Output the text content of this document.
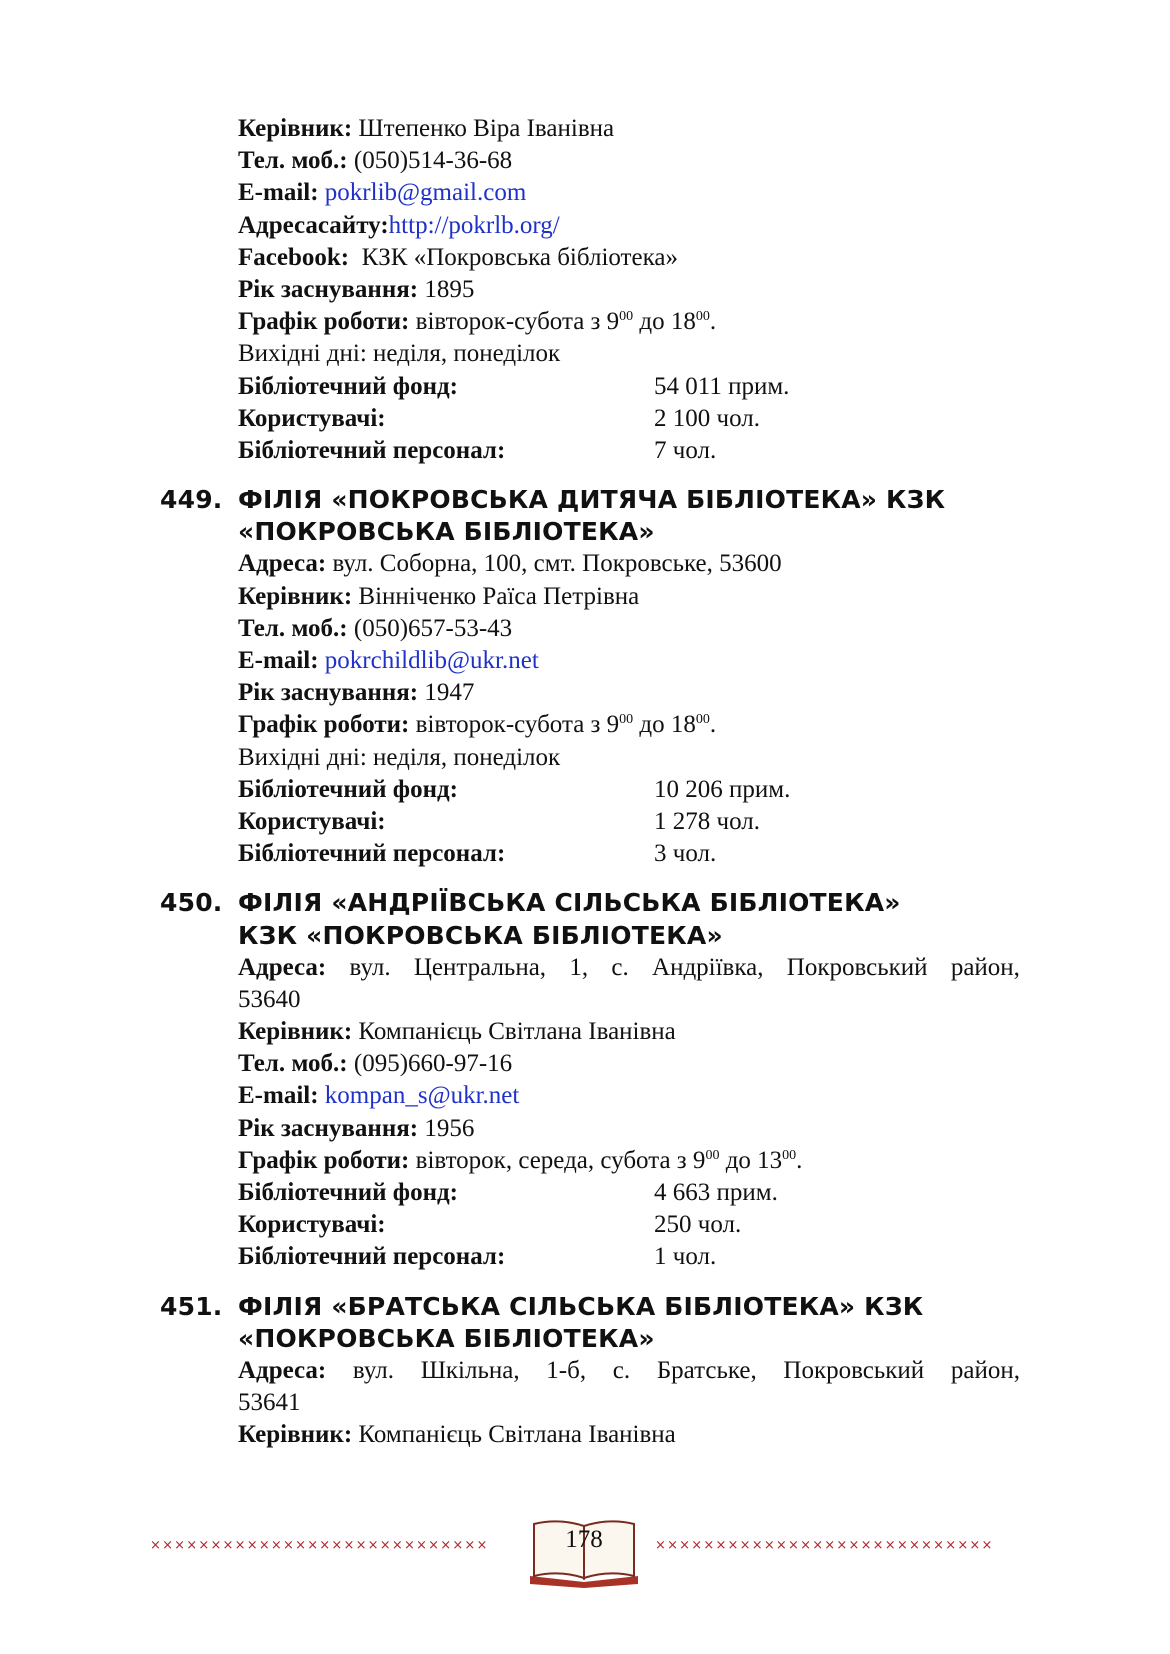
Керівник: Штепенко Віра Іванівна
Тел. моб.: (050)514-36-68
E-mail: pokrlib@gmail.com
Адресасайту:http://pokrlb.org/
Facebook:  КЗК «Покровська бібліотека»
Рік заснування: 1895
Графік роботи: вівторок-субота з $9^{00}$ до $18^{00}$.
Вихідні дні: неділя, понеділок
Бібліотечний фонд:	54 011 прим.
Користувачі:	2 100 чол.
Бібліотечний персонал:	7 чол.
449. ФІЛІЯ «ПОКРОВСЬКА ДИТЯЧА БІБЛІОТЕКА» КЗК
«ПОКРОВСЬКА БІБЛІОТЕКА»
Адреса: вул. Соборна, 100, смт. Покровське, 53600
Керівник: Вінніченко Раїса Петрівна
Тел. моб.: (050)657-53-43
E-mail: pokrchildlib@ukr.net
Рік заснування: 1947
Графік роботи: вівторок-субота з $9^{00}$ до $18^{00}$.
Вихідні дні: неділя, понеділок
Бібліотечний фонд:	10 206 прим.
Користувачі:	1 278 чол.
Бібліотечний персонал:	3 чол.
450. ФІЛІЯ «АНДРІЇВСЬКА СІЛЬСЬКА БІБЛІОТЕКА»
КЗК «ПОКРОВСЬКА БІБЛІОТЕКА»
Адреса: вул. Центральна, 1, с. Андріївка, Покровський район,
53640
Керівник: Компанієць Світлана Іванівна
Тел. моб.: (095)660-97-16
E-mail: kompan_s@ukr.net
Рік заснування: 1956
Графік роботи: вівторок, середа, субота з $9^{00}$ до $13^{00}$.
Бібліотечний фонд:	4 663 прим.
Користувачі:	250 чол.
Бібліотечний персонал:	1 чол.
451. ФІЛІЯ «БРАТСЬКА СІЛЬСЬКА БІБЛІОТЕКА» КЗК
«ПОКРОВСЬКА БІБЛІОТЕКА»
Адреса: вул. Шкільна, 1-б, с. Братське, Покровський район,
53641
Керівник: Компанієць Світлана Іванівна
××××××××××××××××××××××××××××	××××××××××××××××××××××××××××
178
